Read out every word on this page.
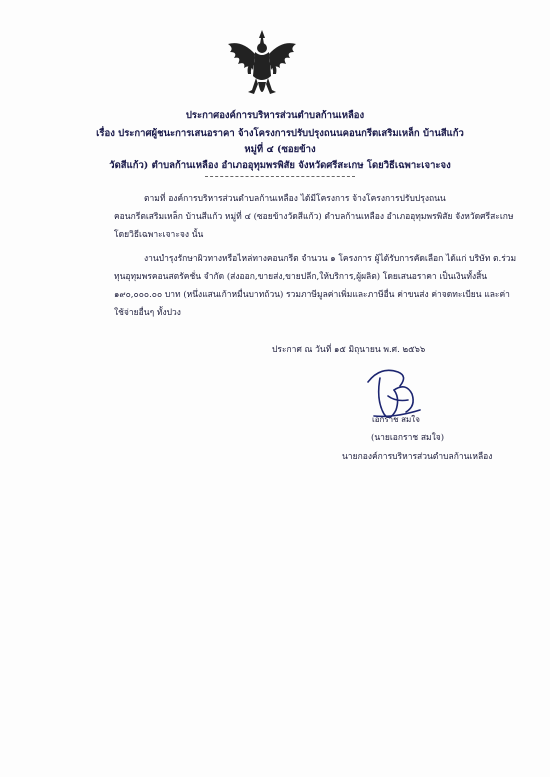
ประกาศองค์การบริหารส่วนตำบลก้านเหลือง
เรื่อง ประกาศผู้ชนะการเสนอราคา จ้างโครงการปรับปรุงถนนคอนกรีตเสริมเหล็ก บ้านสีแก้ว หมู่ที่ ๔ (ซอยข้าง
วัดสีแก้ว) ตำบลก้านเหลือง อำเภออุทุมพรพิสัย จังหวัดศรีสะเกษ โดยวิธีเฉพาะเจาะจง
ตามที่ องค์การบริหารส่วนตำบลก้านเหลือง ได้มีโครงการ จ้างโครงการปรับปรุงถนนคอนกรีตเสริมเหล็ก บ้านสีแก้ว หมู่ที่ ๔ (ซอยข้างวัดสีแก้ว) ตำบลก้านเหลือง อำเภออุทุมพรพิสัย จังหวัดศรีสะเกษ โดยวิธีเฉพาะเจาะจง นั้น
งานบำรุงรักษาผิวทางหรือไหล่ทางคอนกรีต จำนวน ๑ โครงการ ผู้ได้รับการคัดเลือก ได้แก่ บริษัท ต.ร่วมทุนอุทุมพรคอนสตรัคชั่น จำกัด (ส่งออก,ขายส่ง,ขายปลีก,ให้บริการ,ผู้ผลิต) โดยเสนอราคา เป็นเงินทั้งสิ้น ๑๙๐,๐๐๐.๐๐ บาท (หนึ่งแสนเก้าหมื่นบาทถ้วน) รวมภาษีมูลค่าเพิ่มและภาษีอื่น ค่าขนส่ง ค่าจดทะเบียน และค่าใช้จ่ายอื่นๆ ทั้งปวง
ประกาศ ณ วันที่ ๑๕ มิถุนายน พ.ศ. ๒๕๖๖
เอกราช สมใจ
(นายเอกราช สมใจ)
นายกองค์การบริหารส่วนตำบลก้านเหลือง
